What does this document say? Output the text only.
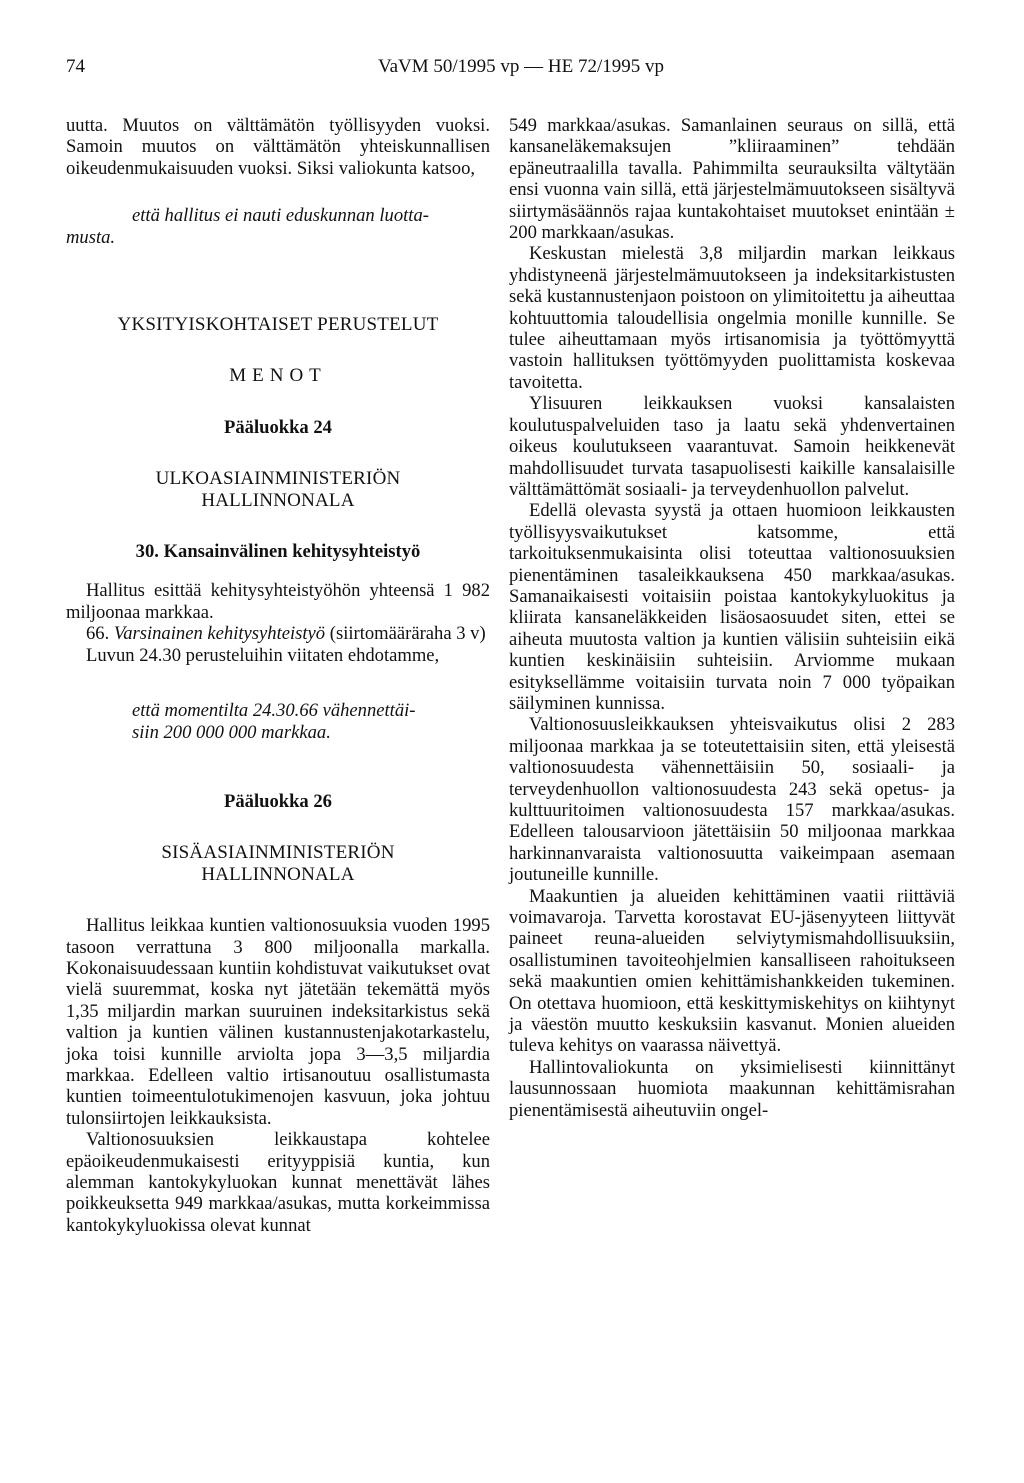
74	VaVM 50/1995 vp — HE 72/1995 vp

uutta. Muutos on välttämätön työllisyyden vuoksi. Samoin muutos on välttämätön yhteiskunnallisen oikeudenmukaisuuden vuoksi. Siksi valiokunta katsoo,

että hallitus ei nauti eduskunnan luotta-

musta.

YKSITYISKOHTAISET PERUSTELUT
MENOT
Pääluokka 24
ULKOASIAINMINISTERIÖN HALLINNONALA
30. Kansainvälinen kehitysyhteistyö

Hallitus esittää kehitysyhteistyöhön yhteensä 1 982 miljoonaa markkaa.

66. Varsinainen kehitysyhteistyö (siirtomääräraha 3 v)

Luvun 24.30 perusteluihin viitaten ehdotamme,

että momentilta 24.30.66 vähennettäi-

siin 200 000 000 markkaa.

Pääluokka 26
SISÄASIAINMINISTERIÖN HALLINNONALA

Hallitus leikkaa kuntien valtionosuuksia vuoden 1995 tasoon verrattuna 3 800 miljoonalla markalla. Kokonaisuudessaan kuntiin kohdistuvat vaikutukset ovat vielä suuremmat, koska nyt jätetään tekemättä myös 1,35 miljardin markan suuruinen indeksitarkistus sekä valtion ja kuntien välinen kustannustenjakotarkastelu, joka toisi kunnille arviolta jopa 3—3,5 miljardia markkaa. Edelleen valtio irtisanoutuu osallistumasta kuntien toimeentulotukimenojen kasvuun, joka johtuu tulonsiirtojen leikkauksista.

Valtionosuuksien leikkaustapa kohtelee epäoikeudenmukaisesti erityyppisiä kuntia, kun alemman kantokykyluokan kunnat menettävät lähes poikkeuksetta 949 markkaa/asukas, mutta korkeimmissa kantokykyluokissa olevat kunnat

549 markkaa/asukas. Samanlainen seuraus on sillä, että kansaneläkemaksujen ”kliiraaminen” tehdään epäneutraalilla tavalla. Pahimmilta seurauksilta vältytään ensi vuonna vain sillä, että järjestelmämuutokseen sisältyvä siirtymäsäännös rajaa kuntakohtaiset muutokset enintään ± 200 markkaan/asukas.

Keskustan mielestä 3,8 miljardin markan leikkaus yhdistyneenä järjestelmämuutokseen ja indeksitarkistusten sekä kustannustenjaon poistoon on ylimitoitettu ja aiheuttaa kohtuuttomia taloudellisia ongelmia monille kunnille. Se tulee aiheuttamaan myös irtisanomisia ja työttömyyttä vastoin hallituksen työttömyyden puolittamista koskevaa tavoitetta.

Ylisuuren leikkauksen vuoksi kansalaisten koulutuspalveluiden taso ja laatu sekä yhdenvertainen oikeus koulutukseen vaarantuvat. Samoin heikkenevät mahdollisuudet turvata tasapuolisesti kaikille kansalaisille välttämättömät sosiaali- ja terveydenhuollon palvelut.

Edellä olevasta syystä ja ottaen huomioon leikkausten työllisyysvaikutukset katsomme, että tarkoituksenmukaisinta olisi toteuttaa valtionosuuksien pienentäminen tasaleikkauksena 450 markkaa/asukas. Samanaikaisesti voitaisiin poistaa kantokykyluokitus ja kliirata kansaneläkkeiden lisäosaosuudet siten, ettei se aiheuta muutosta valtion ja kuntien välisiin suhteisiin eikä kuntien keskinäisiin suhteisiin. Arviomme mukaan esityksellämme voitaisiin turvata noin 7 000 työpaikan säilyminen kunnissa.

Valtionosuusleikkauksen yhteisvaikutus olisi 2 283 miljoonaa markkaa ja se toteutettaisiin siten, että yleisestä valtionosuudesta vähennettäisiin 50, sosiaali- ja terveydenhuollon valtionosuudesta 243 sekä opetus- ja kulttuuritoimen valtionosuudesta 157 markkaa/asukas. Edelleen talousarvioon jätettäisiin 50 miljoonaa markkaa harkinnanvaraista valtionosuutta vaikeimpaan asemaan joutuneille kunnille.

Maakuntien ja alueiden kehittäminen vaatii riittäviä voimavaroja. Tarvetta korostavat EU-jäsenyyteen liittyvät paineet reuna-alueiden selviytymismahdollisuuksiin, osallistuminen tavoiteohjelmien kansalliseen rahoitukseen sekä maakuntien omien kehittämishankkeiden tukeminen. On otettava huomioon, että keskittymiskehitys on kiihtynyt ja väestön muutto keskuksiin kasvanut. Monien alueiden tuleva kehitys on vaarassa näivettyä.

Hallintovaliokunta on yksimielisesti kiinnittänyt lausunnossaan huomiota maakunnan kehittämisrahan pienentämisestä aiheutuviin ongel-
